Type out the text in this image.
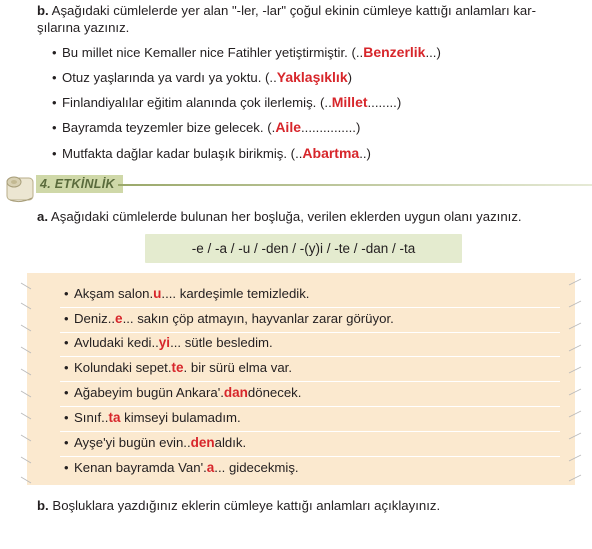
b. Aşağıdaki cümlelerde yer alan "-ler, -lar" çoğul ekinin cümleye kattığı anlamları kar-
şılarına yazınız.
• Bu millet nice Kemaller nice Fatihler yetiştirmiştir. (..Benzerlik...)
• Otuz yaşlarında ya vardı ya yoktu. (..Yaklaşıklık)
• Finlandiyalılar eğitim alanında çok ilerlemiş. (..Millet........)
• Bayramda teyzemler bize gelecek. (.Aile...............)
• Mutfakta dağlar kadar bulaşık birikmiş. (..Abartma..)
4. ETKİNLİK
a. Aşağıdaki cümlelerde bulunan her boşluğa, verilen eklerden uygun olanı yazınız.
-e / -a / -u / -den / -(y)i / -te / -dan / -ta
• Akşam salon.u.... kardeşimle temizledik.
• Deniz..e... sakın çöp atmayın, hayvanlar zarar görüyor.
• Avludaki kedi..yi... sütle besledim.
• Kolundaki sepet.te. bir sürü elma var.
• Ağabeyim bugün Ankara'.dandönecek.
• Sınıf..ta kimseyi bulamadım.
• Ayşe'yi bugün evin..denaldık.
• Kenan bayramda Van'.a... gidecekmiş.
b. Boşluklara yazdığınız eklerin cümleye kattığı anlamları açıklayınız.
